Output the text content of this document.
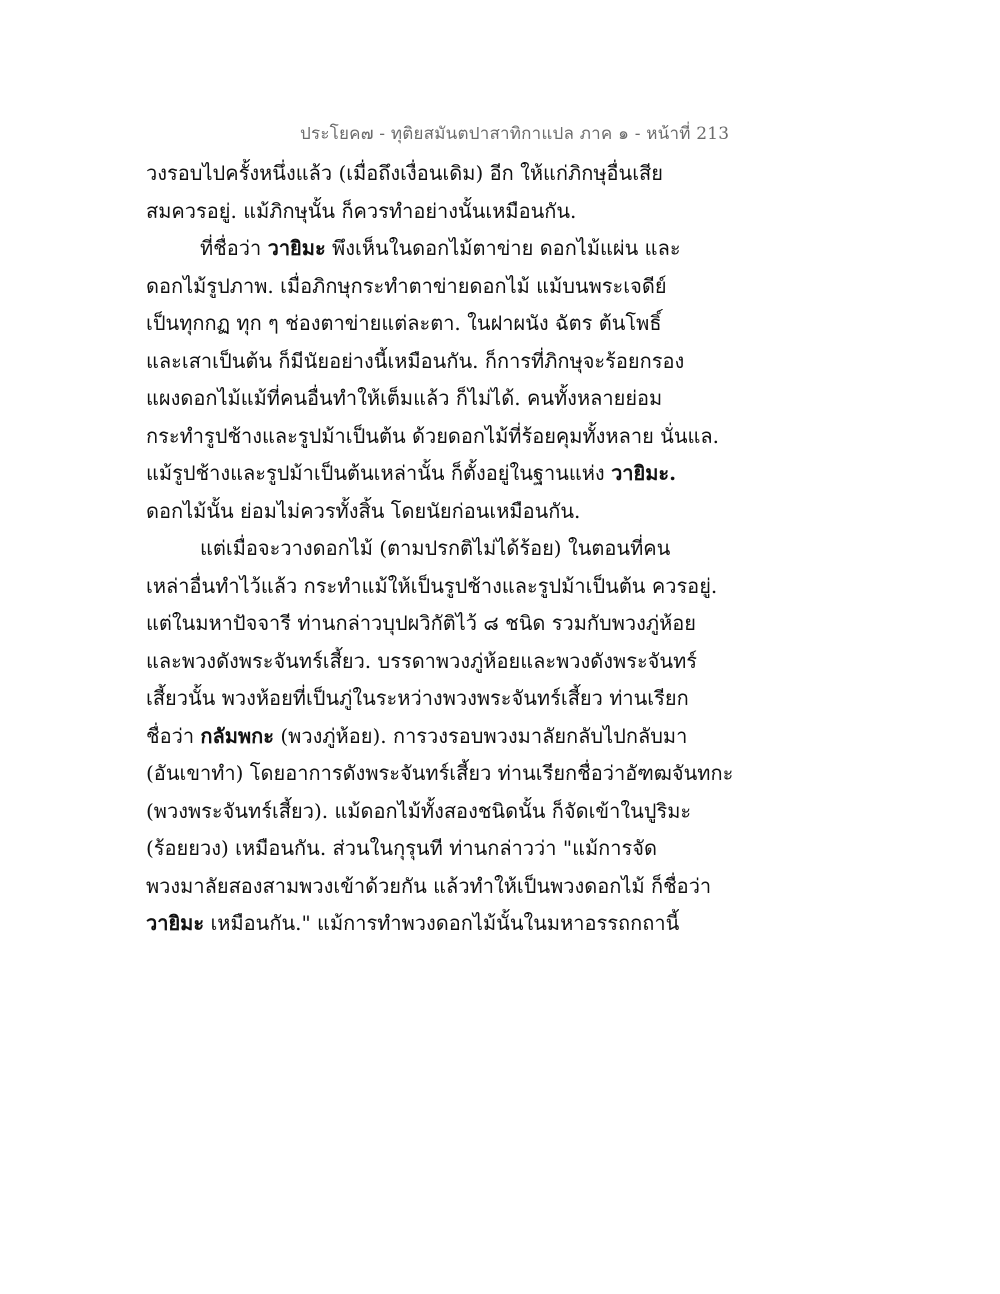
ประโยค๗ - ทุติยสมันตปาสาทิกาแปล ภาค ๑ - หน้าที่ 213
วงรอบไปครั้งหนึ่งแล้ว (เมื่อถึงเงื่อนเดิม) อีก ให้แก่ภิกษุอื่นเสีย
สมควรอยู่. แม้ภิกษุนั้น ก็ควรทำอย่างนั้นเหมือนกัน.
ที่ชื่อว่า วายิมะ พึงเห็นในดอกไม้ตาข่าย ดอกไม้แผ่น และ
ดอกไม้รูปภาพ. เมื่อภิกษุกระทำตาข่ายดอกไม้ แม้บนพระเจดีย์
เป็นทุกกฏ ทุก ๆ ช่องตาข่ายแต่ละตา. ในฝาผนัง ฉัตร ต้นโพธิ์
และเสาเป็นต้น ก็มีนัยอย่างนี้เหมือนกัน. ก็การที่ภิกษุจะร้อยกรอง
แผงดอกไม้แม้ที่คนอื่นทำให้เต็มแล้ว ก็ไม่ได้. คนทั้งหลายย่อม
กระทำรูปช้างและรูปม้าเป็นต้น ด้วยดอกไม้ที่ร้อยคุมทั้งหลาย นั่นแล.
แม้รูปช้างและรูปม้าเป็นต้นเหล่านั้น ก็ตั้งอยู่ในฐานแห่ง วายิมะ.
ดอกไม้นั้น ย่อมไม่ควรทั้งสิ้น โดยนัยก่อนเหมือนกัน.
แต่เมื่อจะวางดอกไม้ (ตามปรกติไม่ได้ร้อย) ในตอนที่คน
เหล่าอื่นทำไว้แล้ว กระทำแม้ให้เป็นรูปช้างและรูปม้าเป็นต้น ควรอยู่.
แต่ในมหาปัจจารี ท่านกล่าวบุปผวิกัติไว้ ๘ ชนิด รวมกับพวงภู่ห้อย
และพวงดังพระจันทร์เสี้ยว. บรรดาพวงภู่ห้อยและพวงดังพระจันทร์
เสี้ยวนั้น พวงห้อยที่เป็นภู่ในระหว่างพวงพระจันทร์เสี้ยว ท่านเรียก
ชื่อว่า กลัมพกะ (พวงภู่ห้อย). การวงรอบพวงมาลัยกลับไปกลับมา
(อันเขาทำ) โดยอาการดังพระจันทร์เสี้ยว ท่านเรียกชื่อว่าอัฑฒจันทกะ
(พวงพระจันทร์เสี้ยว). แม้ดอกไม้ทั้งสองชนิดนั้น ก็จัดเข้าในปูริมะ
(ร้อยยวง) เหมือนกัน. ส่วนในกุรุนที ท่านกล่าวว่า "แม้การจัด
พวงมาลัยสองสามพวงเข้าด้วยกัน แล้วทำให้เป็นพวงดอกไม้ ก็ชื่อว่า
วายิมะ เหมือนกัน." แม้การทำพวงดอกไม้นั้นในมหาอรรถกถานี้
